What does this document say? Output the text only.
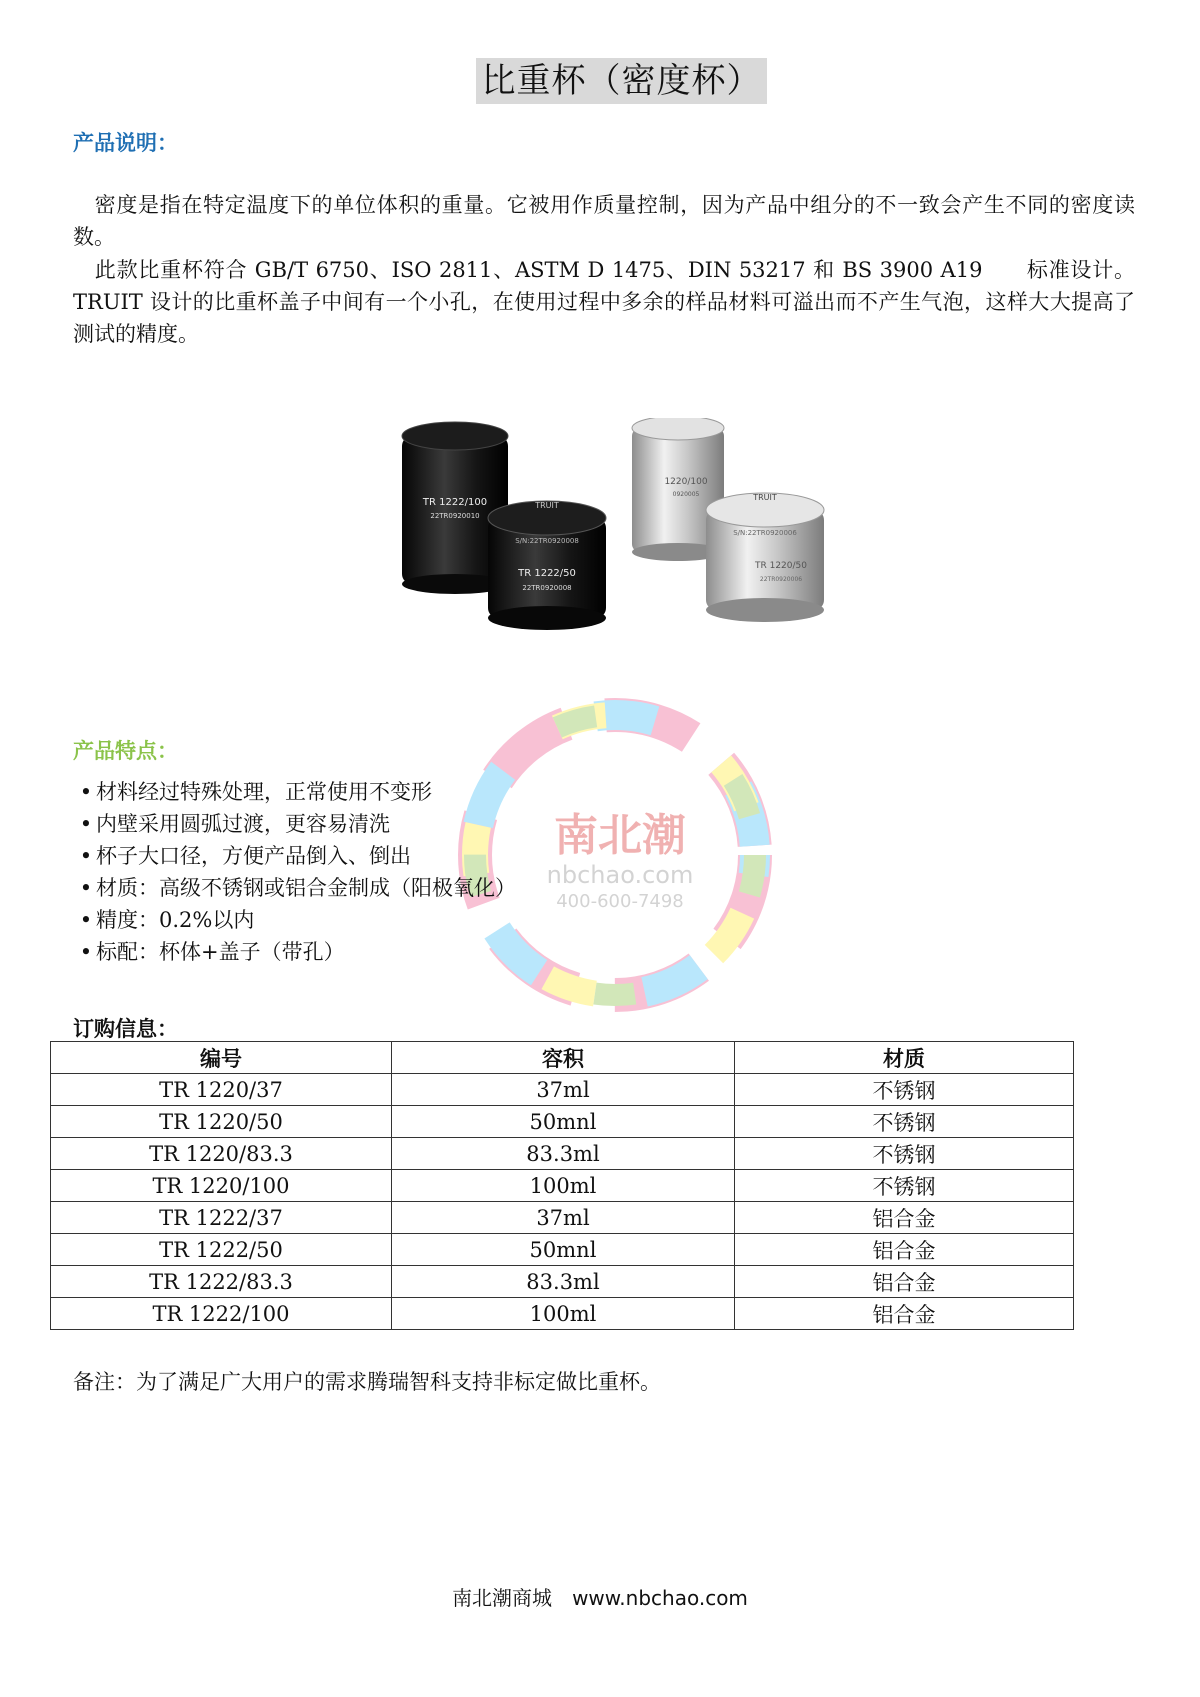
比重杯（密度杯）
产品说明：
　密度是指在特定温度下的单位体积的重量。它被用作质量控制，因为产品中组分的不一致会产生不同的密度读数。
　此款比重杯符合 GB/T 6750、ISO 2811、ASTM D 1475、DIN 53217 和 BS 3900 A19　　标准设计。TRUIT 设计的比重杯盖子中间有一个小孔，在使用过程中多余的样品材料可溢出而不产生气泡，这样大大提高了测试的精度。
TR 1222/100
22TR0920010
TRUIT
S/N:22TR0920008
TR 1222/50
22TR0920008
1220/100
0920005	TRUIT
S/N:22TR0920006
TR 1220/50
22TR0920006
南北潮
nbchao.com
400-600-7498
产品特点：
• 材料经过特殊处理，正常使用不变形
• 内壁采用圆弧过渡，更容易清洗
• 杯子大口径，方便产品倒入、倒出
• 材质：高级不锈钢或铝合金制成（阳极氧化）
• 精度：0.2%以内
• 标配：杯体+盖子（带孔）
订购信息：
编号	容积	材质
TR 1220/37	37ml	不锈钢
TR 1220/50	50mnl	不锈钢
TR 1220/83.3	83.3ml	不锈钢
TR 1220/100	100ml	不锈钢
TR 1222/37	37ml	铝合金
TR 1222/50	50mnl	铝合金
TR 1222/83.3	83.3ml	铝合金
TR 1222/100	100ml	铝合金
备注：为了满足广大用户的需求腾瑞智科支持非标定做比重杯。
南北潮商城 www.nbchao.com
